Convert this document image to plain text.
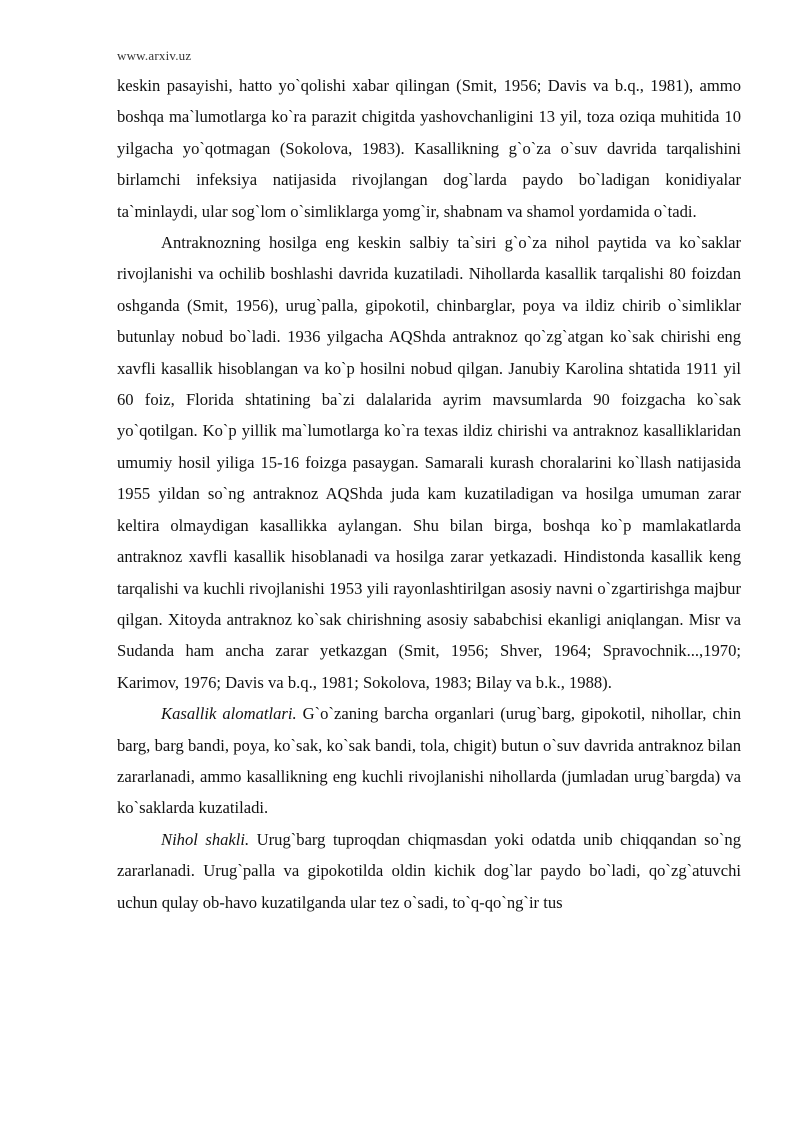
www.arxiv.uz

keskin pasayishi, hatto yo`qolishi xabar qilingan (Smit, 1956; Davis va b.q., 1981), ammo boshqa ma`lumotlarga ko`ra parazit chigitda yashovchanligini 13 yil, toza oziqa muhitida 10 yilgacha yo`qotmagan (Sokolova, 1983). Kasallikning g`o`za o`suv davrida tarqalishini birlamchi infeksiya natijasida rivojlangan dog`larda paydo bo`ladigan konidiyalar ta`minlaydi, ular sog`lom o`simliklarga yomg`ir, shabnam va shamol yordamida o`tadi.

Antraknozning hosilga eng keskin salbiy ta`siri g`o`za nihol paytida va ko`saklar rivojlanishi va ochilib boshlashi davrida kuzatiladi. Nihollarda kasallik tarqalishi 80 foizdan oshganda (Smit, 1956), urug`palla, gipokotil, chinbarglar, poya va ildiz chirib o`simliklar butunlay nobud bo`ladi. 1936 yilgacha AQShda antraknoz qo`zg`atgan ko`sak chirishi eng xavfli kasallik hisoblangan va ko`p hosilni nobud qilgan. Janubiy Karolina shtatida 1911 yil 60 foiz, Florida shtatining ba`zi dalalarida ayrim mavsumlarda 90 foizgacha ko`sak yo`qotilgan. Ko`p yillik ma`lumotlarga ko`ra texas ildiz chirishi va antraknoz kasalliklaridan umumiy hosil yiliga 15-16 foizga pasaygan. Samarali kurash choralarini ko`llash natijasida 1955 yildan so`ng antraknoz AQShda juda kam kuzatiladigan va hosilga umuman zarar keltira olmaydigan kasallikka aylangan. Shu bilan birga, boshqa ko`p mamlakatlarda antraknoz xavfli kasallik hisoblanadi va hosilga zarar yetkazadi. Hindistonda kasallik keng tarqalishi va kuchli rivojlanishi 1953 yili rayonlashtirilgan asosiy navni o`zgartirishga majbur qilgan. Xitoyda antraknoz ko`sak chirishning asosiy sababchisi ekanligi aniqlangan. Misr va Sudanda ham ancha zarar yetkazgan (Smit, 1956; Shver, 1964; Spravochnik...,1970; Karimov, 1976; Davis va b.q., 1981; Sokolova, 1983; Bilay va b.k., 1988).

Kasallik alomatlari. G`o`zaning barcha organlari (urug`barg, gipokotil, nihollar, chin barg, barg bandi, poya, ko`sak, ko`sak bandi, tola, chigit) butun o`suv davrida antraknoz bilan zararlanadi, ammo kasallikning eng kuchli rivojlanishi nihollarda (jumladan urug`bargda) va ko`saklarda kuzatiladi.

Nihol shakli. Urug`barg tuproqdan chiqmasdan yoki odatda unib chiqqandan so`ng zararlanadi. Urug`palla va gipokotilda oldin kichik dog`lar paydo bo`ladi, qo`zg`atuvchi uchun qulay ob-havo kuzatilganda ular tez o`sadi, to`q-qo`ng`ir tus
